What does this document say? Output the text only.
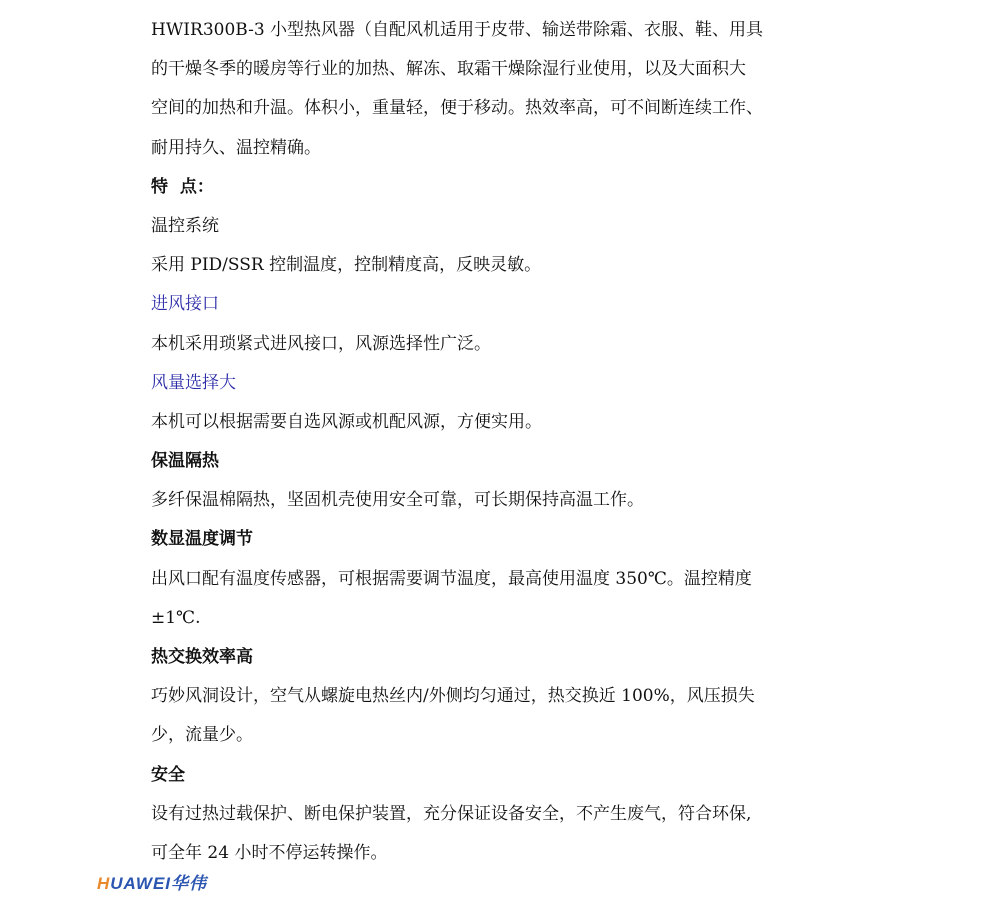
HWIR300B-3 小型热风器（自配风机适用于皮带、输送带除霜、衣服、鞋、用具
的干燥冬季的暖房等行业的加热、解冻、取霜干燥除湿行业使用，以及大面积大
空间的加热和升温。体积小，重量轻，便于移动。热效率高，可不间断连续工作、
耐用持久、温控精确。
特  点：
温控系统
采用 PID/SSR 控制温度，控制精度高，反映灵敏。
进风接口
本机采用琐紧式进风接口，风源选择性广泛。
风量选择大
本机可以根据需要自选风源或机配风源，方便实用。
保温隔热
多纤保温棉隔热，坚固机壳使用安全可靠，可长期保持高温工作。
数显温度调节
出风口配有温度传感器，可根据需要调节温度，最高使用温度 350℃。温控精度
±1℃.
热交换效率高
巧妙风洞设计，空气从螺旋电热丝内/外侧均匀通过，热交换近 100%，风压损失
少，流量少。
安全
设有过热过载保护、断电保护装置，充分保证设备安全，不产生废气，符合环保,
可全年 24 小时不停运转操作。
HUAWEI华伟
